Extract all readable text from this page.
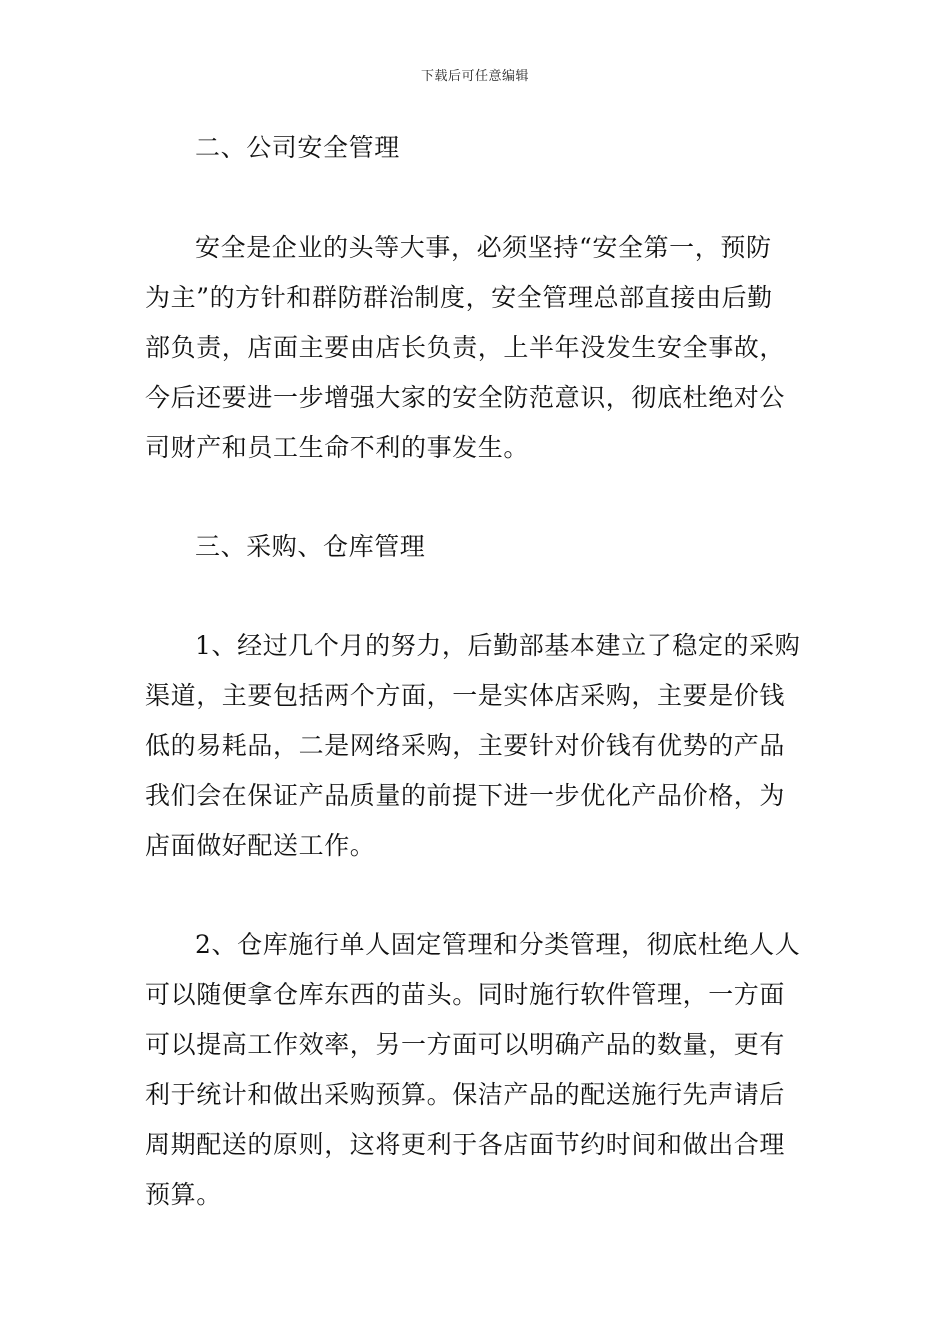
下载后可任意编辑
二、公司安全管理
安全是企业的头等大事，必须坚持“安全第一，预防
为主”的方针和群防群治制度，安全管理总部直接由后勤
部负责，店面主要由店长负责，上半年没发生安全事故，
今后还要进一步增强大家的安全防范意识，彻底杜绝对公
司财产和员工生命不利的事发生。
三、采购、仓库管理
1、经过几个月的努力，后勤部基本建立了稳定的采购
渠道，主要包括两个方面，一是实体店采购，主要是价钱
低的易耗品，二是网络采购，主要针对价钱有优势的产品
我们会在保证产品质量的前提下进一步优化产品价格，为
店面做好配送工作。
2、仓库施行单人固定管理和分类管理，彻底杜绝人人
可以随便拿仓库东西的苗头。同时施行软件管理，一方面
可以提高工作效率，另一方面可以明确产品的数量，更有
利于统计和做出采购预算。保洁产品的配送施行先声请后
周期配送的原则，这将更利于各店面节约时间和做出合理
预算。
